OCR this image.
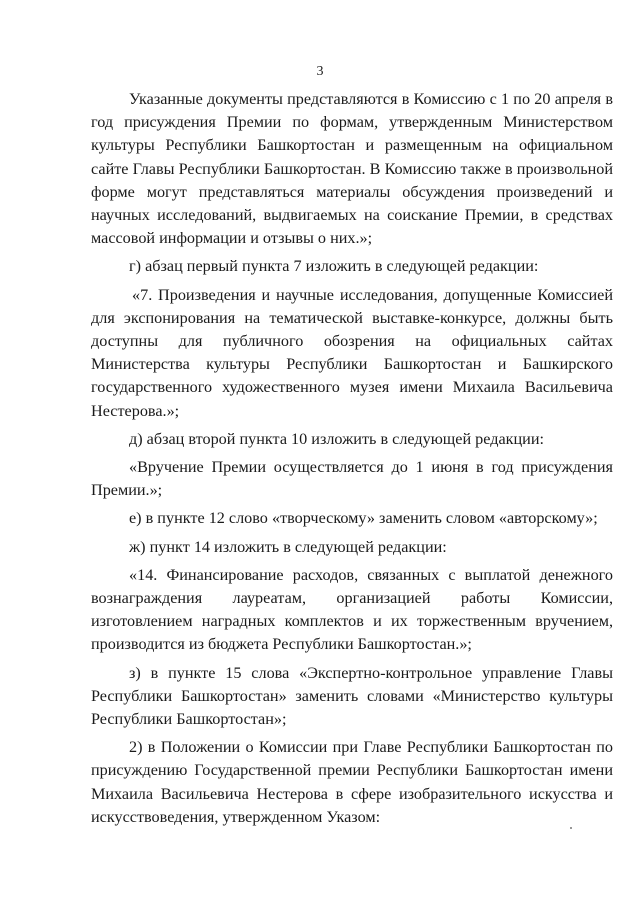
3

Указанные документы представляются в Комиссию с 1 по 20 апреля в год присуждения Премии по формам, утвержденным Министерством культуры Республики Башкортостан и размещенным на официальном сайте Главы Республики Башкортостан. В Комиссию также в произвольной форме могут представляться материалы обсуждения произведений и научных исследований, выдвигаемых на соискание Премии, в средствах массовой информации и отзывы о них.»;

г) абзац первый пункта 7 изложить в следующей редакции:

«7. Произведения и научные исследования, допущенные Комиссией для экспонирования на тематической выставке-конкурсе, должны быть доступны для публичного обозрения на официальных сайтах Министерства культуры Республики Башкортостан и Башкирского государственного художественного музея имени Михаила Васильевича Нестерова.»;

д) абзац второй пункта 10 изложить в следующей редакции:

«Вручение Премии осуществляется до 1 июня в год присуждения Премии.»;

е) в пункте 12 слово «творческому» заменить словом «авторскому»;

ж) пункт 14 изложить в следующей редакции:

«14. Финансирование расходов, связанных с выплатой денежного вознаграждения лауреатам, организацией работы Комиссии, изготовлением наградных комплектов и их торжественным вручением, производится из бюджета Республики Башкортостан.»;

з) в пункте 15 слова «Экспертно-контрольное управление Главы Республики Башкортостан» заменить словами «Министерство культуры Республики Башкортостан»;

2) в Положении о Комиссии при Главе Республики Башкортостан по присуждению Государственной премии Республики Башкортостан имени Михаила Васильевича Нестерова в сфере изобразительного искусства и искусствоведения, утвержденном Указом:
